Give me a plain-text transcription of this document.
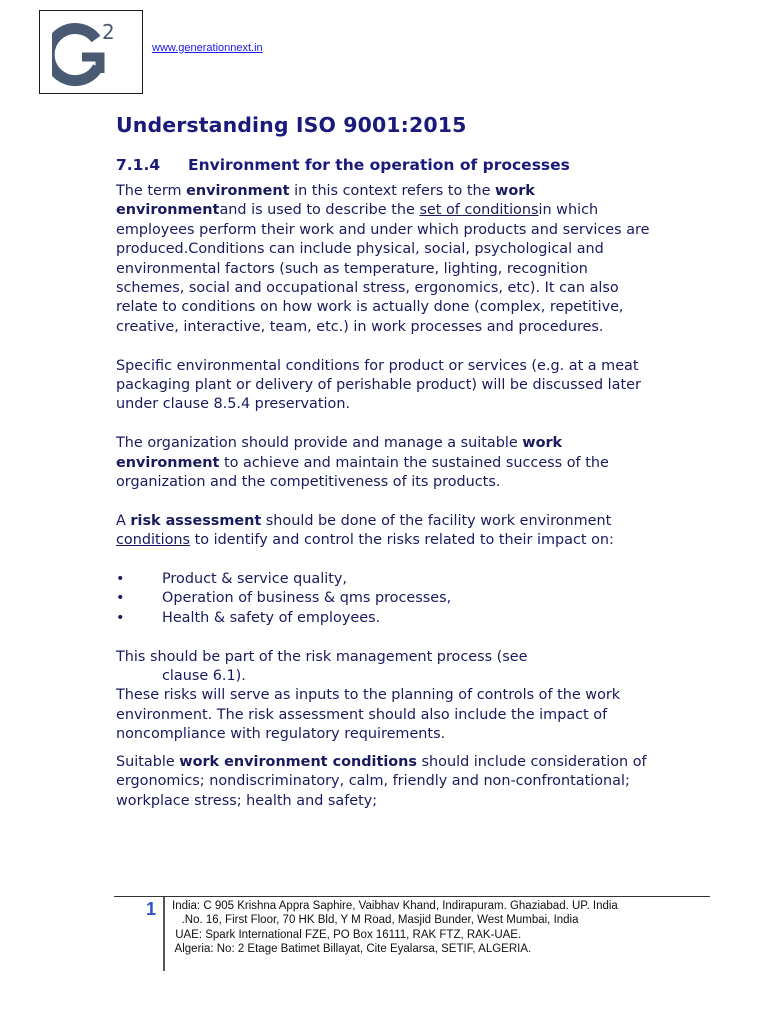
2
www.generationnext.in
Understanding ISO 9001:2015
7.1.4 Environment for the operation of processes

The term environment in this context refers to the work environmentand is used to describe the set of conditionsin which employees perform their work and under which products and services are produced.Conditions can include physical, social, psychological and environmental factors (such as temperature, lighting, recognition schemes, social and occupational stress, ergonomics, etc). It can also relate to conditions on how work is actually done (complex, repetitive, creative, interactive, team, etc.) in work processes and procedures.

Specific environmental conditions for product or services (e.g. at a meat packaging plant or delivery of perishable product) will be discussed later under clause 8.5.4 preservation.

The organization should provide and manage a suitable work environment to achieve and maintain the sustained success of the organization and the competitiveness of its products.

A risk assessment should be done of the facility work environment conditions to identify and control the risks related to their impact on:

•	Product & service quality,
•	Operation of business & qms processes,
•	Health & safety of employees.

This should be part of the risk management process (see
clause 6.1).

These risks will serve as inputs to the planning of controls of the work environment. The risk assessment should also include the impact of noncompliance with regulatory requirements.

Suitable work environment conditions should include consideration of ergonomics; nondiscriminatory, calm, friendly and non-confrontational; workplace stress; health and safety;

1 India: C 905 Krishna Appra Saphire, Vaibhav Khand, Indirapuram. Ghaziabad. UP. India
.No. 16, First Floor, 70 HK Bld, Y M Road, Masjid Bunder, West Mumbai, India
UAE: Spark International FZE, PO Box 16111, RAK FTZ, RAK-UAE.
Algeria: No: 2 Etage Batimet Billayat, Cite Eyalarsa, SETIF, ALGERIA.
